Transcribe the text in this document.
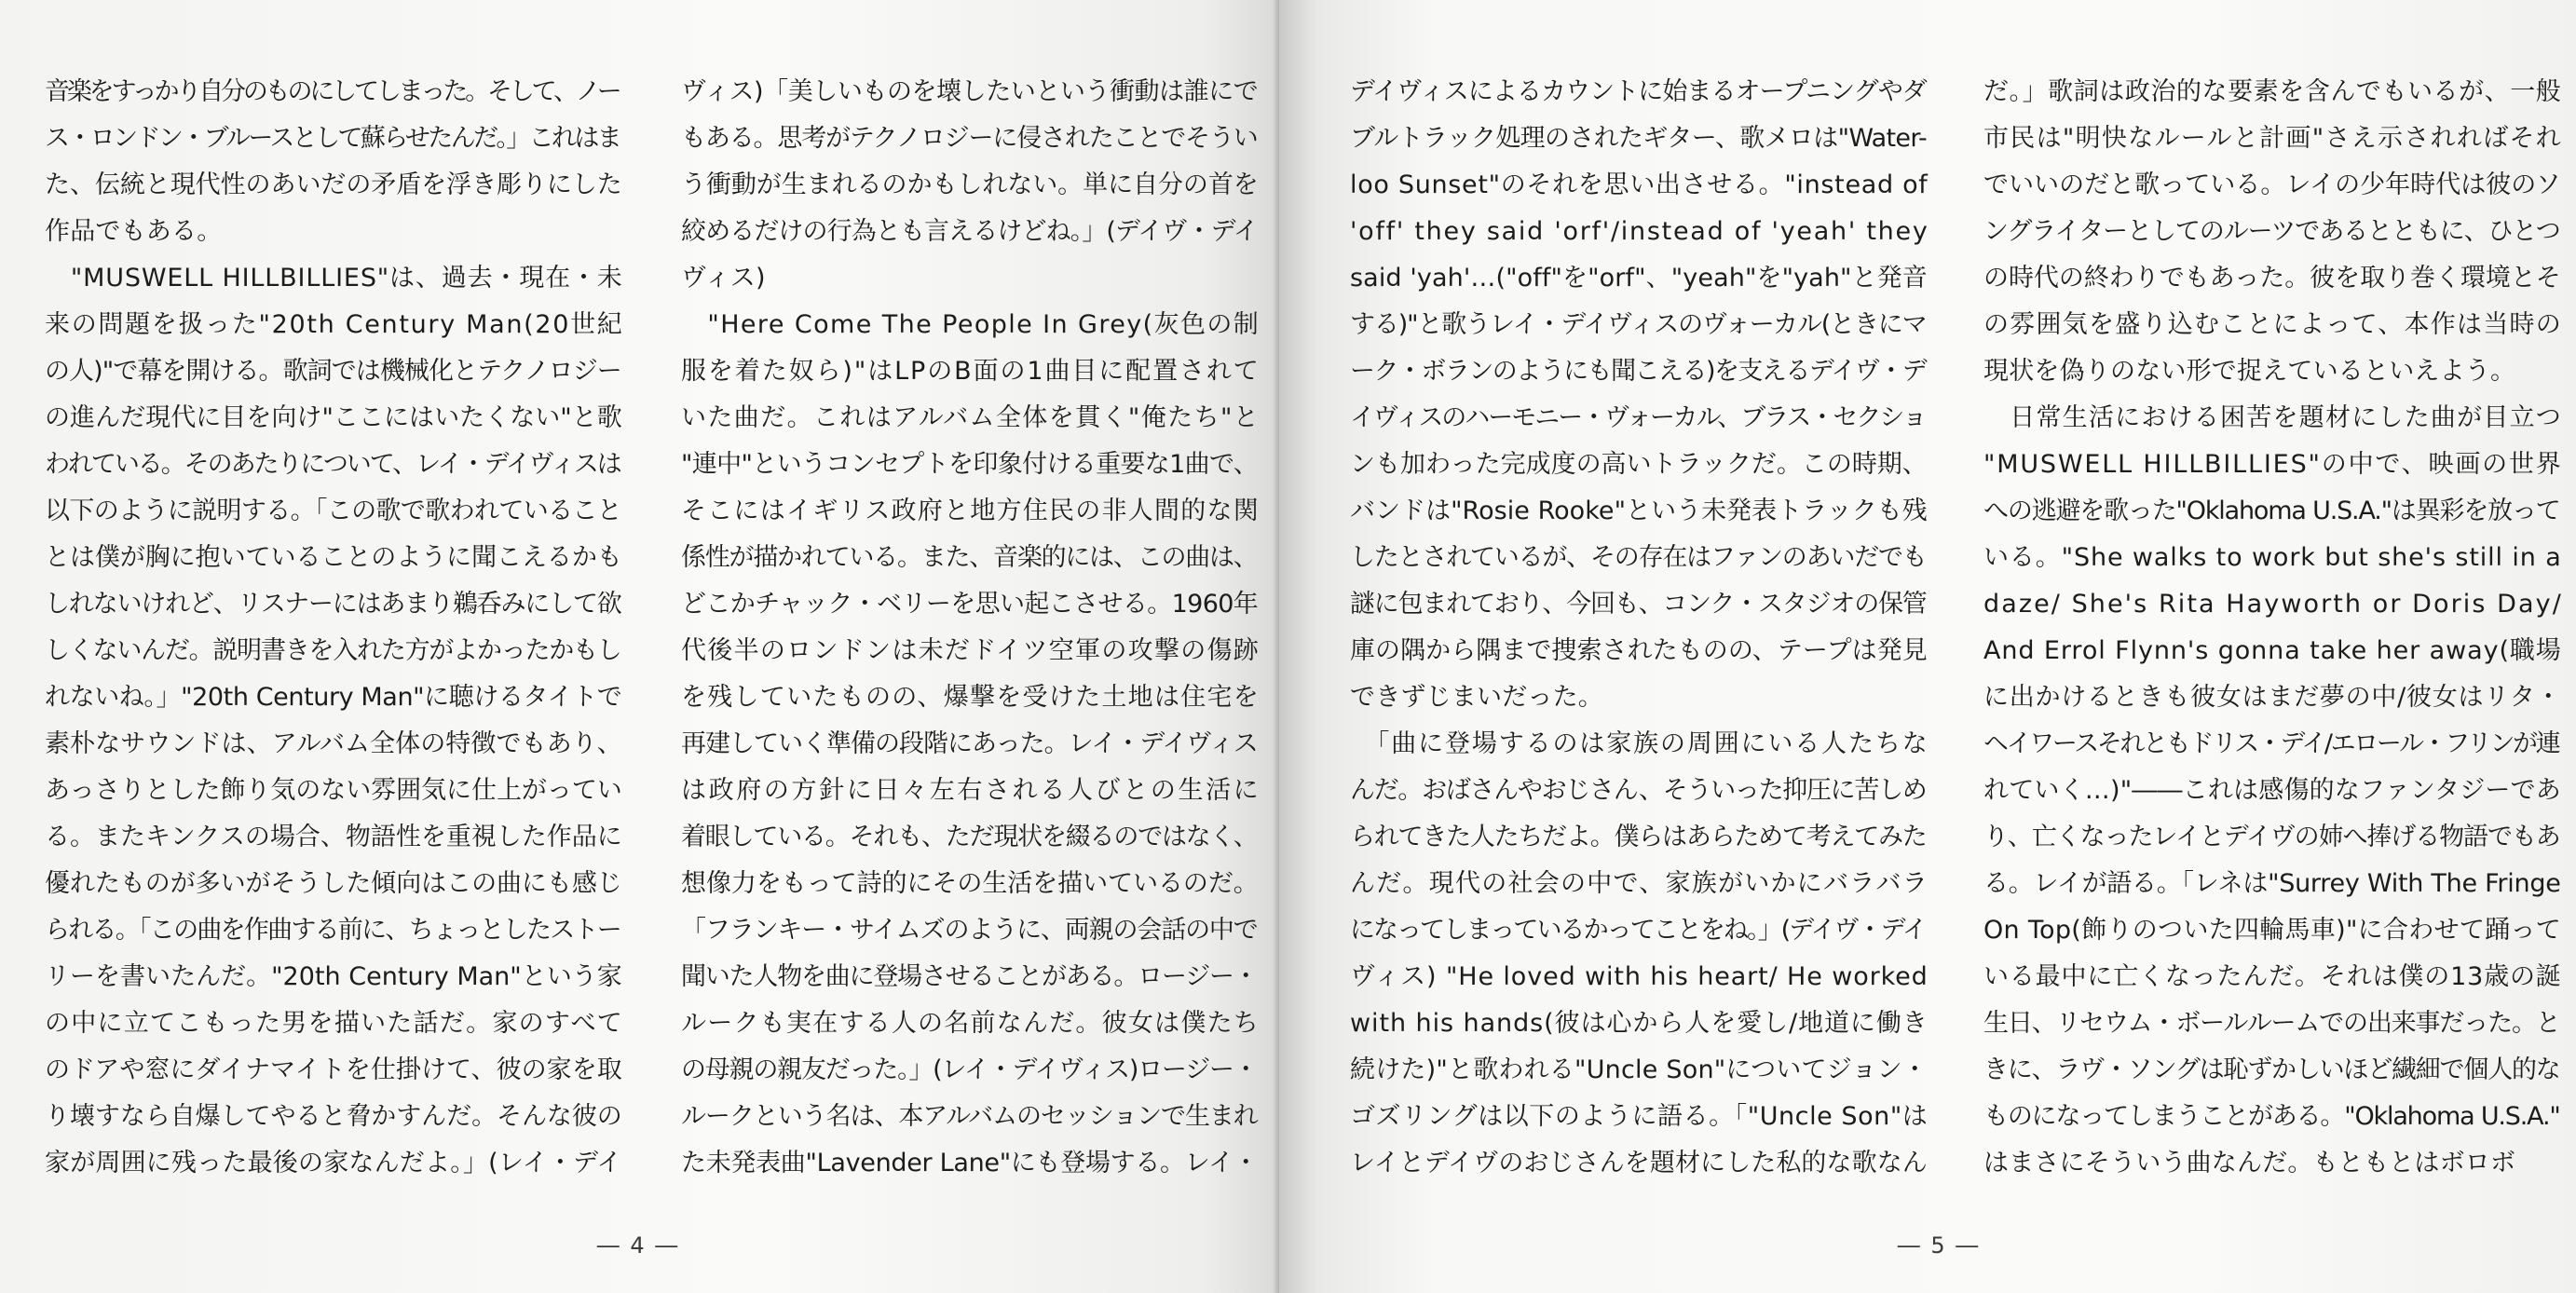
音楽をすっかり自分のものにしてしまった。そして、ノー
ス・ロンドン・ブルースとして蘇らせたんだ。」これはま
た、伝統と現代性のあいだの矛盾を浮き彫りにした
作品でもある。
　"MUSWELL HILLBILLIES"は、過去・現在・未
来の問題を扱った"20th Century Man(20世紀
の人)"で幕を開ける。歌詞では機械化とテクノロジー
の進んだ現代に目を向け"ここにはいたくない"と歌
われている。そのあたりについて、レイ・デイヴィスは
以下のように説明する。「この歌で歌われていること
とは僕が胸に抱いていることのように聞こえるかも
しれないけれど、リスナーにはあまり鵜呑みにして欲
しくないんだ。説明書きを入れた方がよかったかもし
れないね。」"20th Century Man"に聴けるタイトで
素朴なサウンドは、アルバム全体の特徴でもあり、
あっさりとした飾り気のない雰囲気に仕上がってい
る。またキンクスの場合、物語性を重視した作品に
優れたものが多いがそうした傾向はこの曲にも感じ
られる。「この曲を作曲する前に、ちょっとしたストー
リーを書いたんだ。"20th Century Man"という家
の中に立てこもった男を描いた話だ。家のすべて
のドアや窓にダイナマイトを仕掛けて、彼の家を取
り壊すなら自爆してやると脅かすんだ。そんな彼の
家が周囲に残った最後の家なんだよ。」(レイ・デイ
ヴィス)「美しいものを壊したいという衝動は誰にで
もある。思考がテクノロジーに侵されたことでそうい
う衝動が生まれるのかもしれない。単に自分の首を
絞めるだけの行為とも言えるけどね。」(デイヴ・デイ
ヴィス)
　"Here Come The People In Grey(灰色の制
服を着た奴ら)"はLPのB面の1曲目に配置されて
いた曲だ。これはアルバム全体を貫く"俺たち"と
"連中"というコンセプトを印象付ける重要な1曲で、
そこにはイギリス政府と地方住民の非人間的な関
係性が描かれている。また、音楽的には、この曲は、
どこかチャック・ベリーを思い起こさせる。1960年
代後半のロンドンは未だドイツ空軍の攻撃の傷跡
を残していたものの、爆撃を受けた土地は住宅を
再建していく準備の段階にあった。レイ・デイヴィス
は政府の方針に日々左右される人びとの生活に
着眼している。それも、ただ現状を綴るのではなく、
想像力をもって詩的にその生活を描いているのだ。
「フランキー・サイムズのように、両親の会話の中で
聞いた人物を曲に登場させることがある。ロージー・
ルークも実在する人の名前なんだ。彼女は僕たち
の母親の親友だった。」(レイ・デイヴィス)ロージー・
ルークという名は、本アルバムのセッションで生まれ
た未発表曲"Lavender Lane"にも登場する。レイ・
― 4 ―
デイヴィスによるカウントに始まるオープニングやダ
ブルトラック処理のされたギター、歌メロは"Water-
loo Sunset"のそれを思い出させる。"instead of
'off' they said 'orf'/instead of 'yeah' they
said 'yah'…("off"を"orf"、"yeah"を"yah"と発音
する)"と歌うレイ・デイヴィスのヴォーカル(ときにマ
ーク・ボランのようにも聞こえる)を支えるデイヴ・デ
イヴィスのハーモニー・ヴォーカル、ブラス・セクショ
ンも加わった完成度の高いトラックだ。この時期、
バンドは"Rosie Rooke"という未発表トラックも残
したとされているが、その存在はファンのあいだでも
謎に包まれており、今回も、コンク・スタジオの保管
庫の隅から隅まで捜索されたものの、テープは発見
できずじまいだった。
　「曲に登場するのは家族の周囲にいる人たちな
んだ。おばさんやおじさん、そういった抑圧に苦しめ
られてきた人たちだよ。僕らはあらためて考えてみた
んだ。現代の社会の中で、家族がいかにバラバラ
になってしまっているかってことをね。」(デイヴ・デイ
ヴィス) "He loved with his heart/ He worked
with his hands(彼は心から人を愛し/地道に働き
続けた)"と歌われる"Uncle Son"についてジョン・
ゴズリングは以下のように語る。「"Uncle Son"は
レイとデイヴのおじさんを題材にした私的な歌なん
だ。」歌詞は政治的な要素を含んでもいるが、一般
市民は"明快なルールと計画"さえ示されればそれ
でいいのだと歌っている。レイの少年時代は彼のソ
ングライターとしてのルーツであるとともに、ひとつ
の時代の終わりでもあった。彼を取り巻く環境とそ
の雰囲気を盛り込むことによって、本作は当時の
現状を偽りのない形で捉えているといえよう。
　日常生活における困苦を題材にした曲が目立つ
"MUSWELL HILLBILLIES"の中で、映画の世界
への逃避を歌った"Oklahoma U.S.A."は異彩を放って
いる。"She walks to work but she's still in a
daze/ She's Rita Hayworth or Doris Day/
And Errol Flynn's gonna take her away(職場
に出かけるときも彼女はまだ夢の中/彼女はリタ・
ヘイワースそれともドリス・デイ/エロール・フリンが連
れていく…)"――これは感傷的なファンタジーであ
り、亡くなったレイとデイヴの姉へ捧げる物語でもあ
る。レイが語る。「レネは"Surrey With The Fringe
On Top(飾りのついた四輪馬車)"に合わせて踊って
いる最中に亡くなったんだ。それは僕の13歳の誕
生日、リセウム・ボールルームでの出来事だった。と
きに、ラヴ・ソングは恥ずかしいほど繊細で個人的な
ものになってしまうことがある。"Oklahoma U.S.A."
はまさにそういう曲なんだ。もともとはボロボ
― 5 ―
